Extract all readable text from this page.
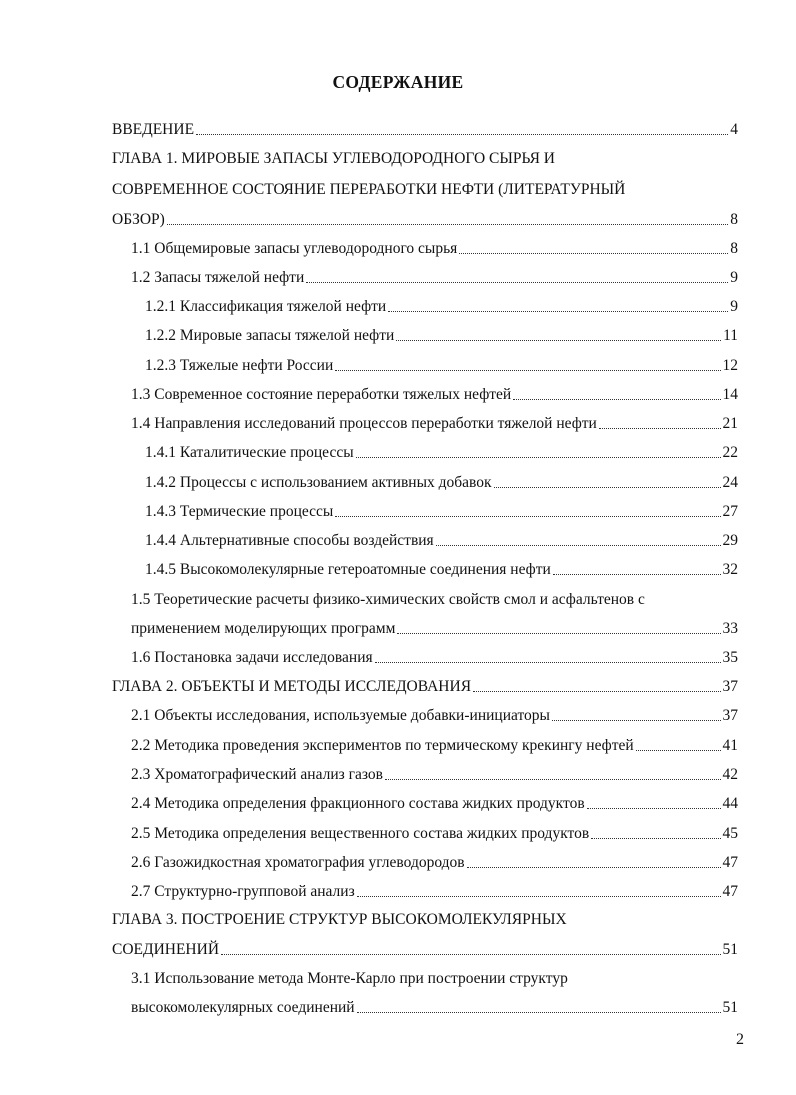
СОДЕРЖАНИЕ
ВВЕДЕНИЕ	4
ГЛАВА 1. МИРОВЫЕ ЗАПАСЫ УГЛЕВОДОРОДНОГО СЫРЬЯ И
СОВРЕМЕННОЕ СОСТОЯНИЕ ПЕРЕРАБОТКИ НЕФТИ (ЛИТЕРАТУРНЫЙ
ОБЗОР)	8
1.1 Общемировые запасы углеводородного сырья	8
1.2 Запасы тяжелой нефти	9
1.2.1 Классификация тяжелой нефти	9
1.2.2 Мировые запасы тяжелой нефти	11
1.2.3 Тяжелые нефти России	12
1.3 Современное состояние переработки тяжелых нефтей	14
1.4 Направления исследований процессов переработки тяжелой нефти	21
1.4.1 Каталитические процессы	22
1.4.2 Процессы с использованием активных добавок	24
1.4.3 Термические процессы	27
1.4.4 Альтернативные способы воздействия	29
1.4.5 Высокомолекулярные гетероатомные соединения нефти	32
1.5 Теоретические расчеты физико-химических свойств смол и асфальтенов с
применением моделирующих программ	33
1.6 Постановка задачи исследования	35
ГЛАВА 2. ОБЪЕКТЫ И МЕТОДЫ ИССЛЕДОВАНИЯ	37
2.1 Объекты исследования, используемые добавки-инициаторы	37
2.2 Методика проведения экспериментов по термическому крекингу нефтей	41
2.3 Хроматографический анализ газов	42
2.4 Методика определения фракционного состава жидких продуктов	44
2.5 Методика определения вещественного состава жидких продуктов	45
2.6 Газожидкостная хроматография углеводородов	47
2.7 Структурно-групповой анализ	47
ГЛАВА 3. ПОСТРОЕНИЕ СТРУКТУР ВЫСОКОМОЛЕКУЛЯРНЫХ
СОЕДИНЕНИЙ	51
3.1 Использование метода Монте-Карло при построении структур
высокомолекулярных соединений	51
2
